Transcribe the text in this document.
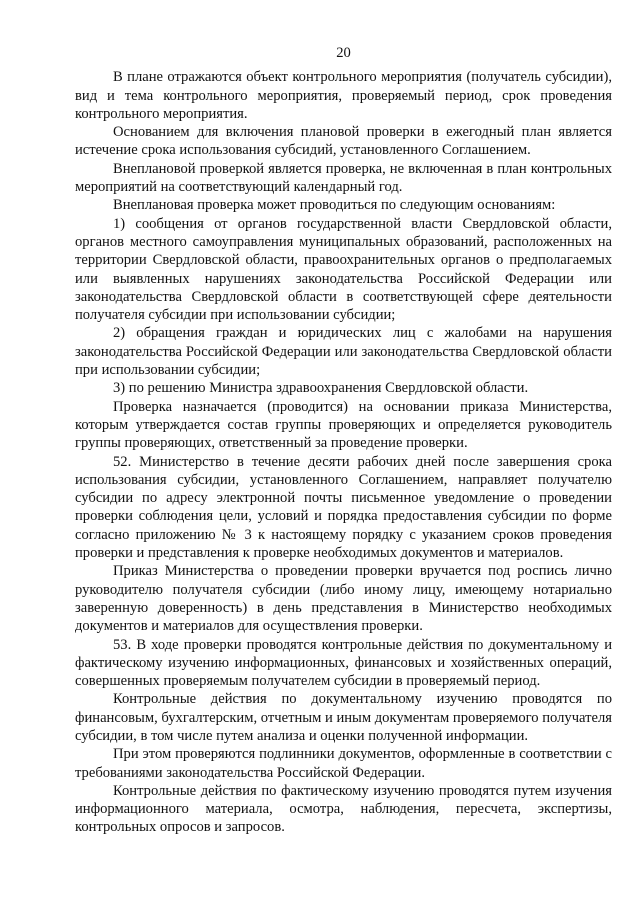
20

В плане отражаются объект контрольного мероприятия (получатель субсидии), вид и тема контрольного мероприятия, проверяемый период, срок проведения контрольного мероприятия.

Основанием для включения плановой проверки в ежегодный план является истечение срока использования субсидий, установленного Соглашением.

Внеплановой проверкой является проверка, не включенная в план контрольных мероприятий на соответствующий календарный год.

Внеплановая проверка может проводиться по следующим основаниям:

1) сообщения от органов государственной власти Свердловской области, органов местного самоуправления муниципальных образований, расположенных на территории Свердловской области, правоохранительных органов о предполагаемых или выявленных нарушениях законодательства Российской Федерации или законодательства Свердловской области в соответствующей сфере деятельности получателя субсидии при использовании субсидии;

2) обращения граждан и юридических лиц с жалобами на нарушения законодательства Российской Федерации или законодательства Свердловской области при использовании субсидии;

3) по решению Министра здравоохранения Свердловской области.

Проверка назначается (проводится) на основании приказа Министерства, которым утверждается состав группы проверяющих и определяется руководитель группы проверяющих, ответственный за проведение проверки.

52. Министерство в течение десяти рабочих дней после завершения срока использования субсидии, установленного Соглашением, направляет получателю субсидии по адресу электронной почты письменное уведомление о проведении проверки соблюдения цели, условий и порядка предоставления субсидии по форме согласно приложению № 3 к настоящему порядку с указанием сроков проведения проверки и представления к проверке необходимых документов и материалов.

Приказ Министерства о проведении проверки вручается под роспись лично руководителю получателя субсидии (либо иному лицу, имеющему нотариально заверенную доверенность) в день представления в Министерство необходимых документов и материалов для осуществления проверки.

53. В ходе проверки проводятся контрольные действия по документальному и фактическому изучению информационных, финансовых и хозяйственных операций, совершенных проверяемым получателем субсидии в проверяемый период.

Контрольные действия по документальному изучению проводятся по финансовым, бухгалтерским, отчетным и иным документам проверяемого получателя субсидии, в том числе путем анализа и оценки полученной информации.

При этом проверяются подлинники документов, оформленные в соответствии с требованиями законодательства Российской Федерации.

Контрольные действия по фактическому изучению проводятся путем изучения информационного материала, осмотра, наблюдения, пересчета, экспертизы, контрольных опросов и запросов.
